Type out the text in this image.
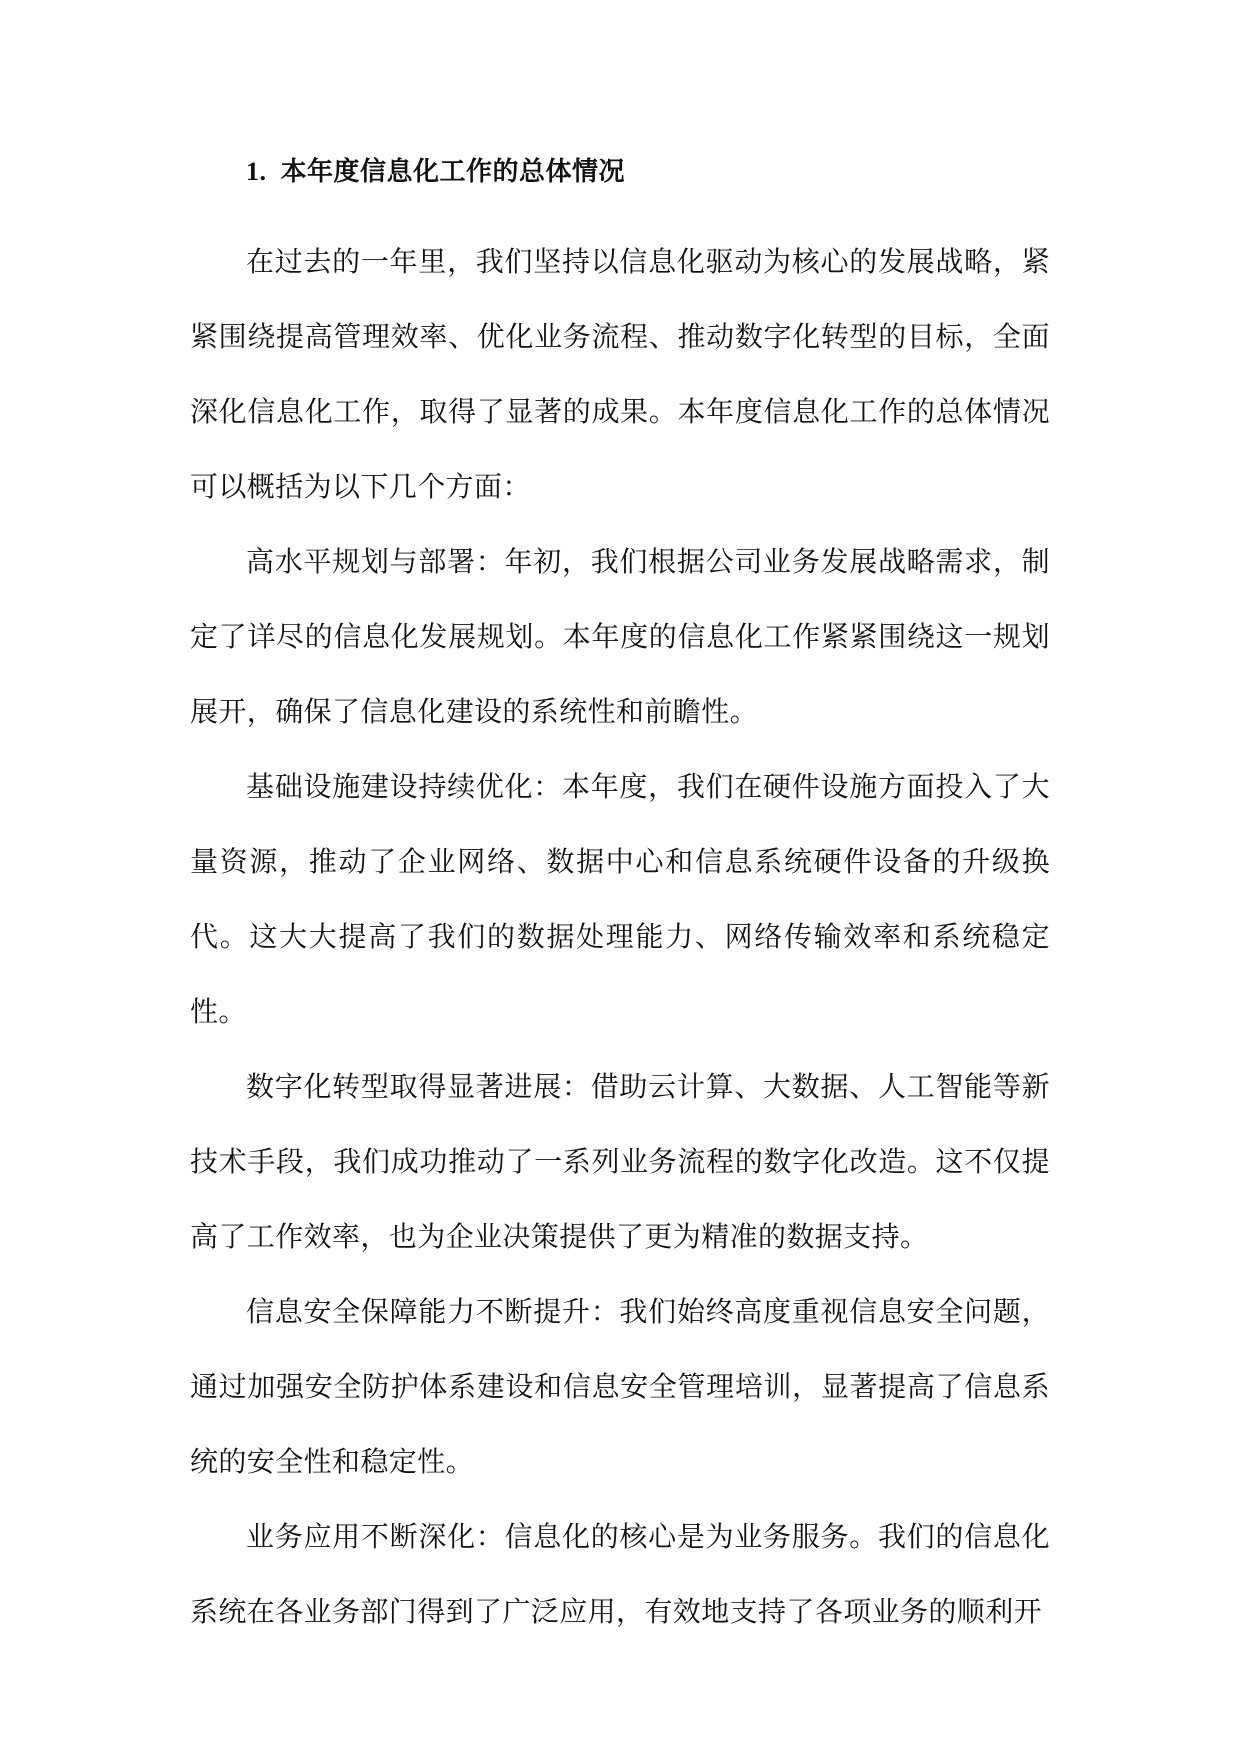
1. 本年度信息化工作的总体情况

在过去的一年里，我们坚持以信息化驱动为核心的发展战略，紧紧围绕提高管理效率、优化业务流程、推动数字化转型的目标，全面深化信息化工作，取得了显著的成果。本年度信息化工作的总体情况可以概括为以下几个方面：

高水平规划与部署：年初，我们根据公司业务发展战略需求，制定了详尽的信息化发展规划。本年度的信息化工作紧紧围绕这一规划展开，确保了信息化建设的系统性和前瞻性。

基础设施建设持续优化：本年度，我们在硬件设施方面投入了大量资源，推动了企业网络、数据中心和信息系统硬件设备的升级换代。这大大提高了我们的数据处理能力、网络传输效率和系统稳定性。

数字化转型取得显著进展：借助云计算、大数据、人工智能等新技术手段，我们成功推动了一系列业务流程的数字化改造。这不仅提高了工作效率，也为企业决策提供了更为精准的数据支持。

信息安全保障能力不断提升：我们始终高度重视信息安全问题，通过加强安全防护体系建设和信息安全管理培训，显著提高了信息系统的安全性和稳定性。

业务应用不断深化：信息化的核心是为业务服务。我们的信息化系统在各业务部门得到了广泛应用，有效地支持了各项业务的顺利开
